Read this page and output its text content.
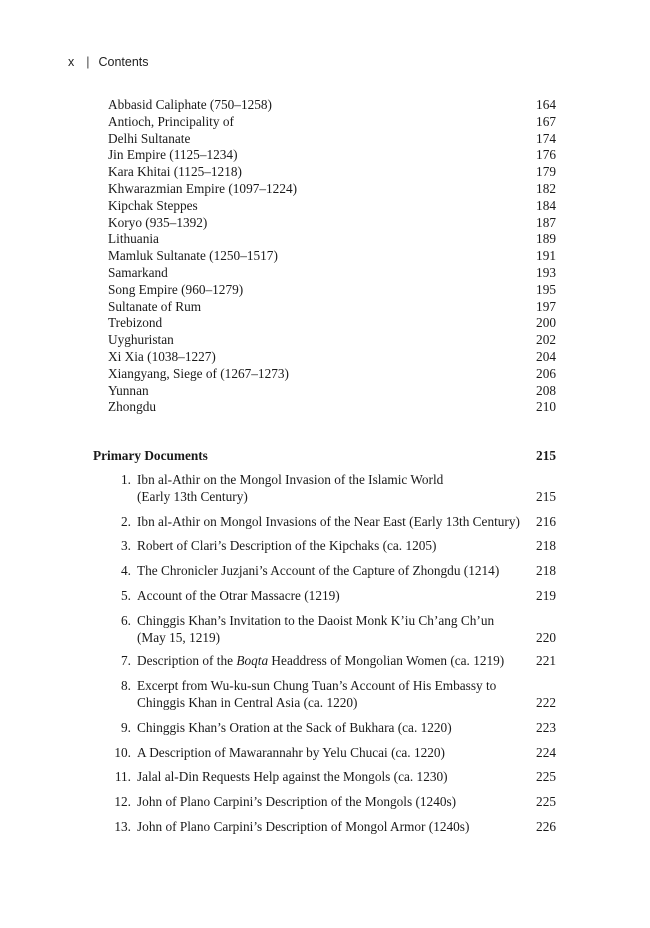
x | Contents
Abbasid Caliphate (750–1258)	164
Antioch, Principality of	167
Delhi Sultanate	174
Jin Empire (1125–1234)	176
Kara Khitai (1125–1218)	179
Khwarazmian Empire (1097–1224)	182
Kipchak Steppes	184
Koryo (935–1392)	187
Lithuania	189
Mamluk Sultanate (1250–1517)	191
Samarkand	193
Song Empire (960–1279)	195
Sultanate of Rum	197
Trebizond	200
Uyghuristan	202
Xi Xia (1038–1227)	204
Xiangyang, Siege of (1267–1273)	206
Yunnan	208
Zhongdu	210
Primary Documents	215
1. Ibn al-Athir on the Mongol Invasion of the Islamic World
(Early 13th Century)	215
2. Ibn al-Athir on Mongol Invasions of the Near East (Early 13th Century) 216
3. Robert of Clari’s Description of the Kipchaks (ca. 1205)	218
4. The Chronicler Juzjani’s Account of the Capture of Zhongdu (1214)	218
5. Account of the Otrar Massacre (1219)	219
6. Chinggis Khan’s Invitation to the Daoist Monk K’iu Ch’ang Ch’un
(May 15, 1219)	220
7. Description of the Boqta Headdress of Mongolian Women (ca. 1219) 221
8. Excerpt from Wu-ku-sun Chung Tuan’s Account of His Embassy to
Chinggis Khan in Central Asia (ca. 1220)	222
9. Chinggis Khan’s Oration at the Sack of Bukhara (ca. 1220)	223
10. A Description of Mawarannahr by Yelu Chucai (ca. 1220)	224
11. Jalal al-Din Requests Help against the Mongols (ca. 1230)	225
12. John of Plano Carpini’s Description of the Mongols (1240s)	225
13. John of Plano Carpini’s Description of Mongol Armor (1240s)	226
